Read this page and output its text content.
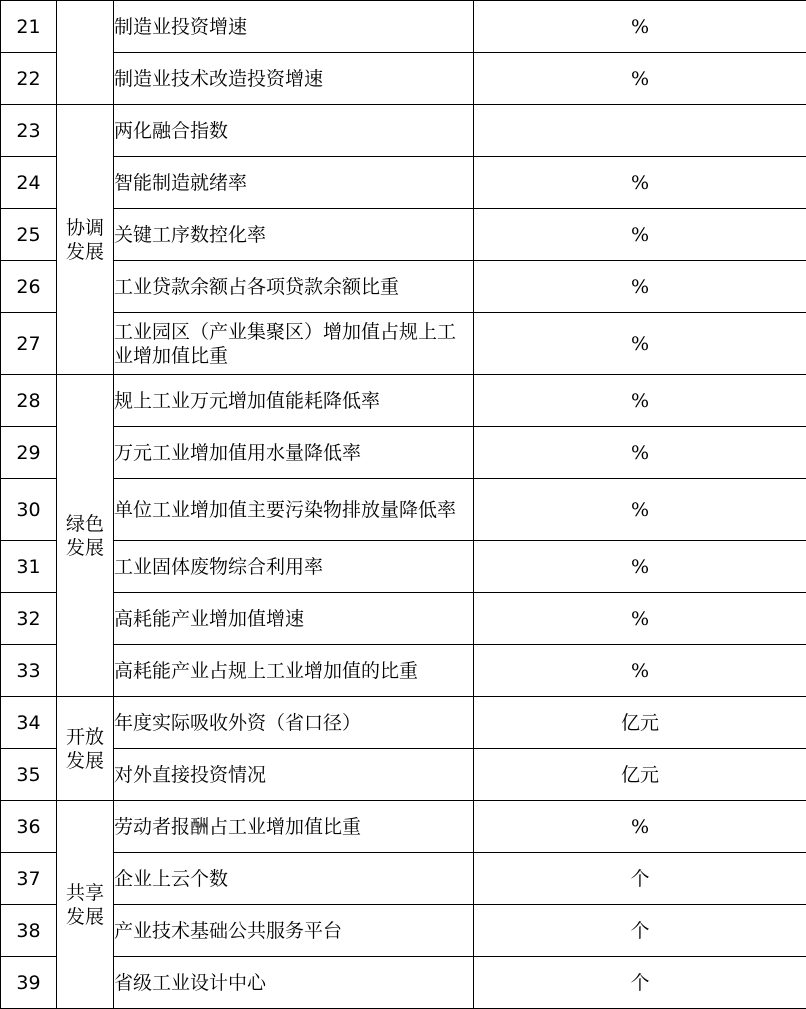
21		制造业投资增速	%
22		制造业技术改造投资增速	%
23	协调发展	两化融合指数	
24		智能制造就绪率	%
25		关键工序数控化率	%
26		工业贷款余额占各项贷款余额比重	%
27		工业园区（产业集聚区）增加值占规上工业增加值比重	%
28	绿色发展	规上工业万元增加值能耗降低率	%
29		万元工业增加值用水量降低率	%
30		单位工业增加值主要污染物排放量降低率	%
31		工业固体废物综合利用率	%
32		高耗能产业增加值增速	%
33		高耗能产业占规上工业增加值的比重	%
34	开放发展	年度实际吸收外资（省口径）	亿元
35		对外直接投资情况	亿元
36	共享发展	劳动者报酬占工业增加值比重	%
37		企业上云个数	个
38		产业技术基础公共服务平台	个
39		省级工业设计中心	个
